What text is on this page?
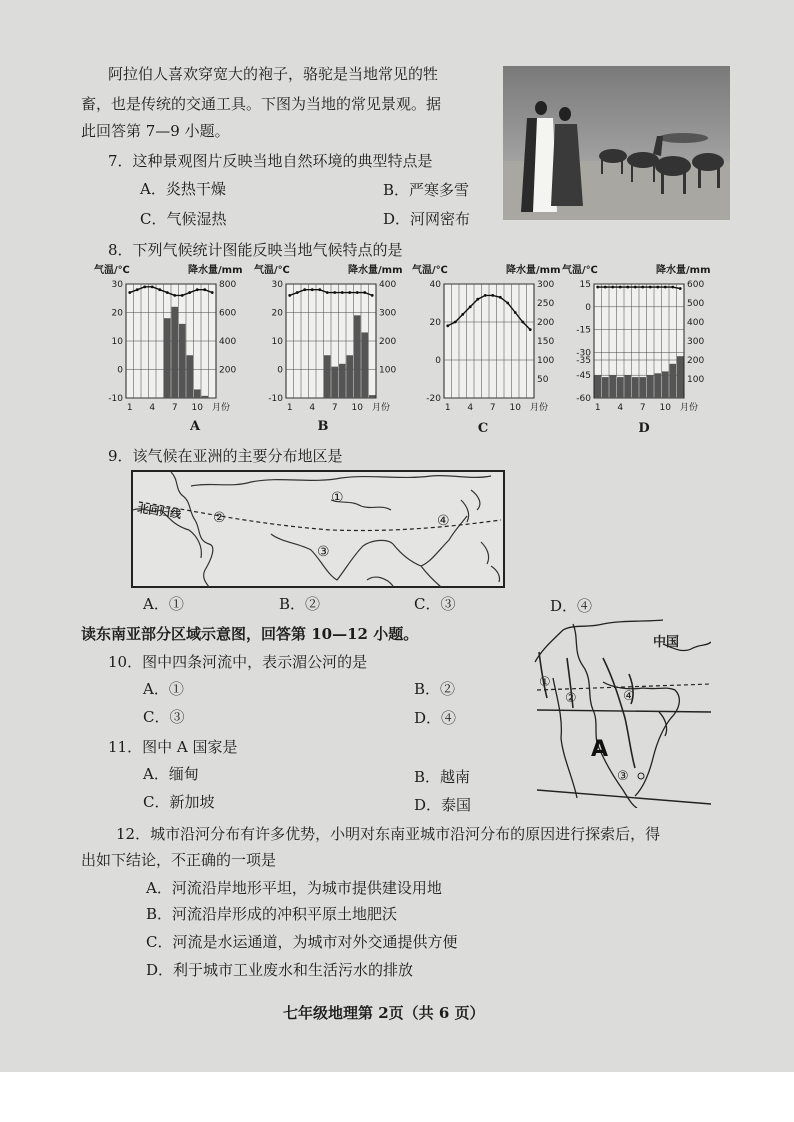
阿拉伯人喜欢穿宽大的袍子，骆驼是当地常见的牲
畜，也是传统的交通工具。下图为当地的常见景观。据
此回答第 7—9 小题。
7．这种景观图片反映当地自然环境的典型特点是
A．炎热干燥	B．严寒多雪
C．气候湿热	D．河网密布
8．下列气候统计图能反映当地气候特点的是
气温/℃	降水量/mm
-10
0
10
20
30
200
400
600
800
1 4 7 10 月份
气温/℃	降水量/mm
-10
0
10
20
30
100
200
300
400
1 4 7 10 月份
气温/℃	降水量/mm
-20
0
20
40
50
100
150
200
250
300
1 4 7 10 月份
气温/℃	降水量/mm
-60
-45
-35
-30
-15
0
15
100
200
300
400
500
600
1 4 7 10 月份
A	B	C	D
9．该气候在亚洲的主要分布地区是
北回归线
①
②
③
④
A．①	B．②	C．③	D．④
读东南亚部分区域示意图，回答第 10—12 小题。	中国
A
①
②
③
④
10．图中四条河流中，表示湄公河的是
A．①	B．②
C．③	D．④
11．图中 A 国家是
A．缅甸	B．越南
C．新加坡	D．泰国
12．城市沿河分布有许多优势，小明对东南亚城市沿河分布的原因进行探索后，得
出如下结论，不正确的一项是
A．河流沿岸地形平坦，为城市提供建设用地
B．河流沿岸形成的冲积平原土地肥沃
C．河流是水运通道，为城市对外交通提供方便
D．利于城市工业废水和生活污水的排放
七年级地理第 2页（共 6 页）
